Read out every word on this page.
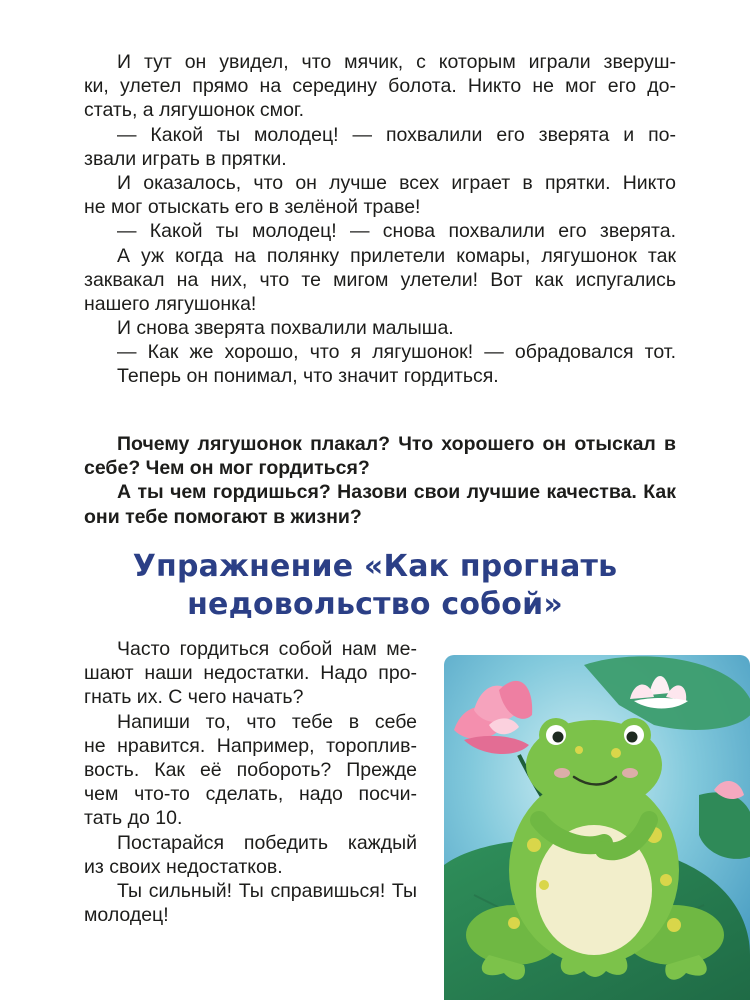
И тут он увидел, что мячик, с которым играли зверуш-
ки, улетел прямо на середину болота. Никто не мог его до-
стать, а лягушонок смог.
— Какой ты молодец! — похвалили его зверята и по-
звали играть в прятки.
И оказалось, что он лучше всех играет в прятки. Никто
не мог отыскать его в зелёной траве!
— Какой ты молодец! — снова похвалили его зверята.
А уж когда на полянку прилетели комары, лягушонок так
заквакал на них, что те мигом улетели! Вот как испугались
нашего лягушонка!
И снова зверята похвалили малыша.
— Как же хорошо, что я лягушонок! — обрадовался тот.
Теперь он понимал, что значит гордиться.
Почему лягушонок плакал? Что хорошего он отыскал в
себе? Чем он мог гордиться?
А ты чем гордишься? Назови свои лучшие качества. Как
они тебе помогают в жизни?
Упражнение «Как прогнать
недовольство собой»
Часто гордиться собой нам ме-
шают наши недостатки. Надо про-
гнать их. С чего начать?
Напиши то, что тебе в себе
не нравится. Например, тороплив-
вость. Как её побороть? Прежде
чем что-то сделать, надо посчи-
тать до 10.
Постарайся победить каждый
из своих недостатков.
Ты сильный! Ты справишься! Ты
молодец!
